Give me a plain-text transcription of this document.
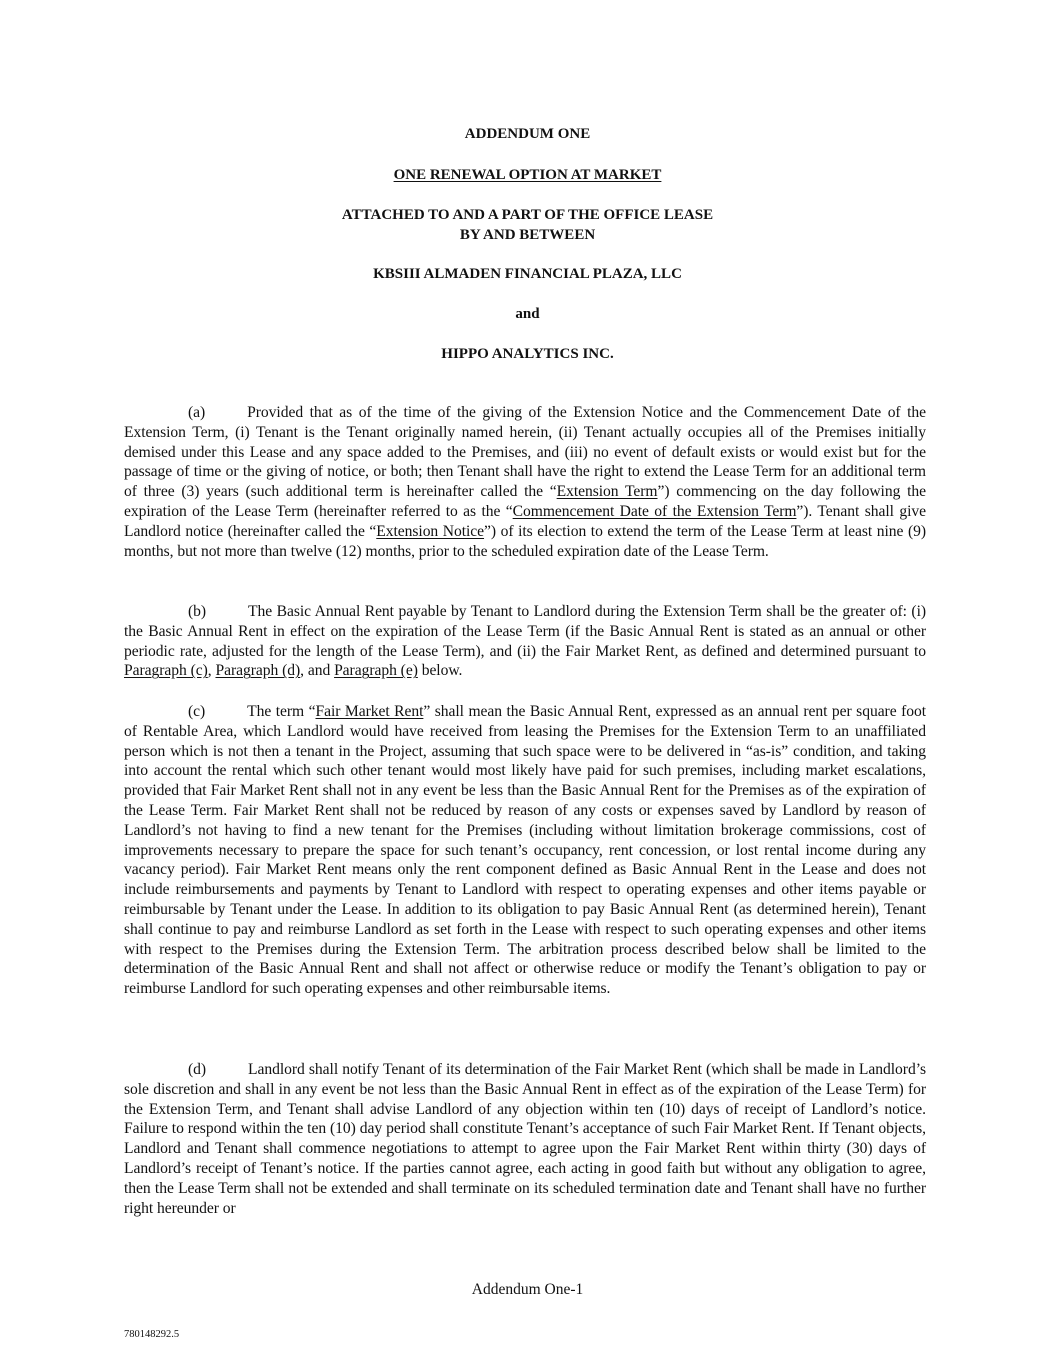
ADDENDUM ONE
ONE RENEWAL OPTION AT MARKET
ATTACHED TO AND A PART OF THE OFFICE LEASE
BY AND BETWEEN
KBSIII ALMADEN FINANCIAL PLAZA, LLC
and
HIPPO ANALYTICS INC.
(a)	Provided that as of the time of the giving of the Extension Notice and the Commencement Date of the Extension Term, (i) Tenant is the Tenant originally named herein, (ii) Tenant actually occupies all of the Premises initially demised under this Lease and any space added to the Premises, and (iii) no event of default exists or would exist but for the passage of time or the giving of notice, or both; then Tenant shall have the right to extend the Lease Term for an additional term of three (3) years (such additional term is hereinafter called the “Extension Term”) commencing on the day following the expiration of the Lease Term (hereinafter referred to as the “Commencement Date of the Extension Term”). Tenant shall give Landlord notice (hereinafter called the “Extension Notice”) of its election to extend the term of the Lease Term at least nine (9) months, but not more than twelve (12) months, prior to the scheduled expiration date of the Lease Term.
(b)	The Basic Annual Rent payable by Tenant to Landlord during the Extension Term shall be the greater of: (i) the Basic Annual Rent in effect on the expiration of the Lease Term (if the Basic Annual Rent is stated as an annual or other periodic rate, adjusted for the length of the Lease Term), and (ii) the Fair Market Rent, as defined and determined pursuant to Paragraph (c), Paragraph (d), and Paragraph (e) below.
(c)	The term “Fair Market Rent” shall mean the Basic Annual Rent, expressed as an annual rent per square foot of Rentable Area, which Landlord would have received from leasing the Premises for the Extension Term to an unaffiliated person which is not then a tenant in the Project, assuming that such space were to be delivered in “as-is” condition, and taking into account the rental which such other tenant would most likely have paid for such premises, including market escalations, provided that Fair Market Rent shall not in any event be less than the Basic Annual Rent for the Premises as of the expiration of the Lease Term. Fair Market Rent shall not be reduced by reason of any costs or expenses saved by Landlord by reason of Landlord’s not having to find a new tenant for the Premises (including without limitation brokerage commissions, cost of improvements necessary to prepare the space for such tenant’s occupancy, rent concession, or lost rental income during any vacancy period). Fair Market Rent means only the rent component defined as Basic Annual Rent in the Lease and does not include reimbursements and payments by Tenant to Landlord with respect to operating expenses and other items payable or reimbursable by Tenant under the Lease. In addition to its obligation to pay Basic Annual Rent (as determined herein), Tenant shall continue to pay and reimburse Landlord as set forth in the Lease with respect to such operating expenses and other items with respect to the Premises during the Extension Term. The arbitration process described below shall be limited to the determination of the Basic Annual Rent and shall not affect or otherwise reduce or modify the Tenant’s obligation to pay or reimburse Landlord for such operating expenses and other reimbursable items.
(d)	Landlord shall notify Tenant of its determination of the Fair Market Rent (which shall be made in Landlord’s sole discretion and shall in any event be not less than the Basic Annual Rent in effect as of the expiration of the Lease Term) for the Extension Term, and Tenant shall advise Landlord of any objection within ten (10) days of receipt of Landlord’s notice. Failure to respond within the ten (10) day period shall constitute Tenant’s acceptance of such Fair Market Rent. If Tenant objects, Landlord and Tenant shall commence negotiations to attempt to agree upon the Fair Market Rent within thirty (30) days of Landlord’s receipt of Tenant’s notice. If the parties cannot agree, each acting in good faith but without any obligation to agree, then the Lease Term shall not be extended and shall terminate on its scheduled termination date and Tenant shall have no further right hereunder or
Addendum One-1
780148292.5
